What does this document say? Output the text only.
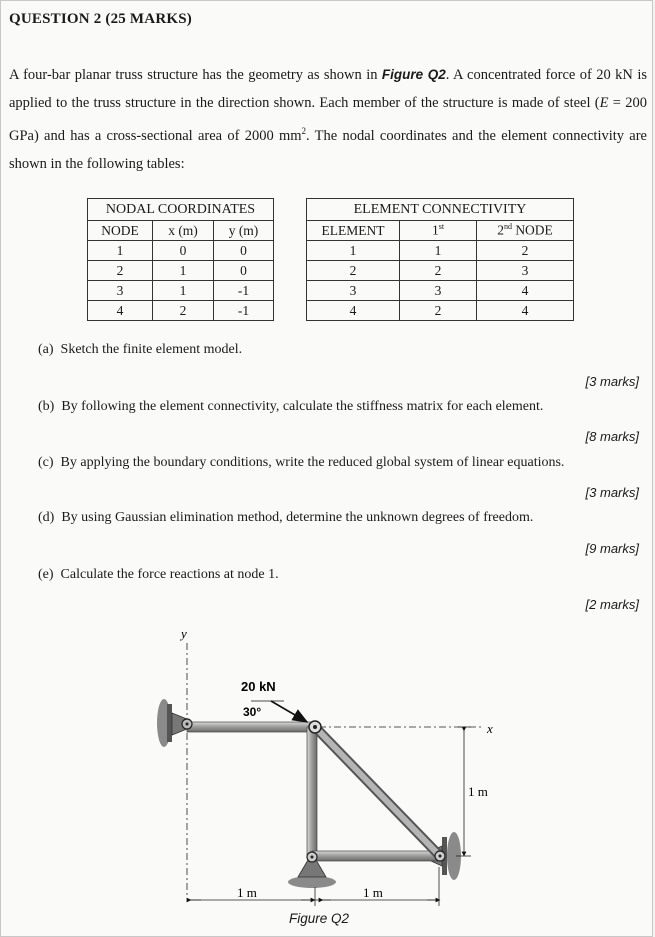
QUESTION 2 (25 MARKS)
A four-bar planar truss structure has the geometry as shown in Figure Q2. A concentrated force of 20 kN is applied to the truss structure in the direction shown. Each member of the structure is made of steel (E = 200 GPa) and has a cross-sectional area of 2000 $mm^2$. The nodal coordinates and the element connectivity are shown in the following tables:
NODAL COORDINATES		
NODE	x (m)	y (m)
1	0	0
2	1	0
3	1	-1
4	2	-1
ELEMENT CONNECTIVITY		
ELEMENT	1st	2nd NODE
1	1	2
2	2	3
3	3	4
4	2	4
(a) Sketch the finite element model.
[3 marks]
(b) By following the element connectivity, calculate the stiffness matrix for each element.
[8 marks]
(c) By applying the boundary conditions, write the reduced global system of linear equations.
[3 marks]
(d) By using Gaussian elimination method, determine the unknown degrees of freedom.
[9 marks]
(e) Calculate the force reactions at node 1.
[2 marks]
y
x
20 kN
30°
1 m
1 m	1 m
Figure Q2
